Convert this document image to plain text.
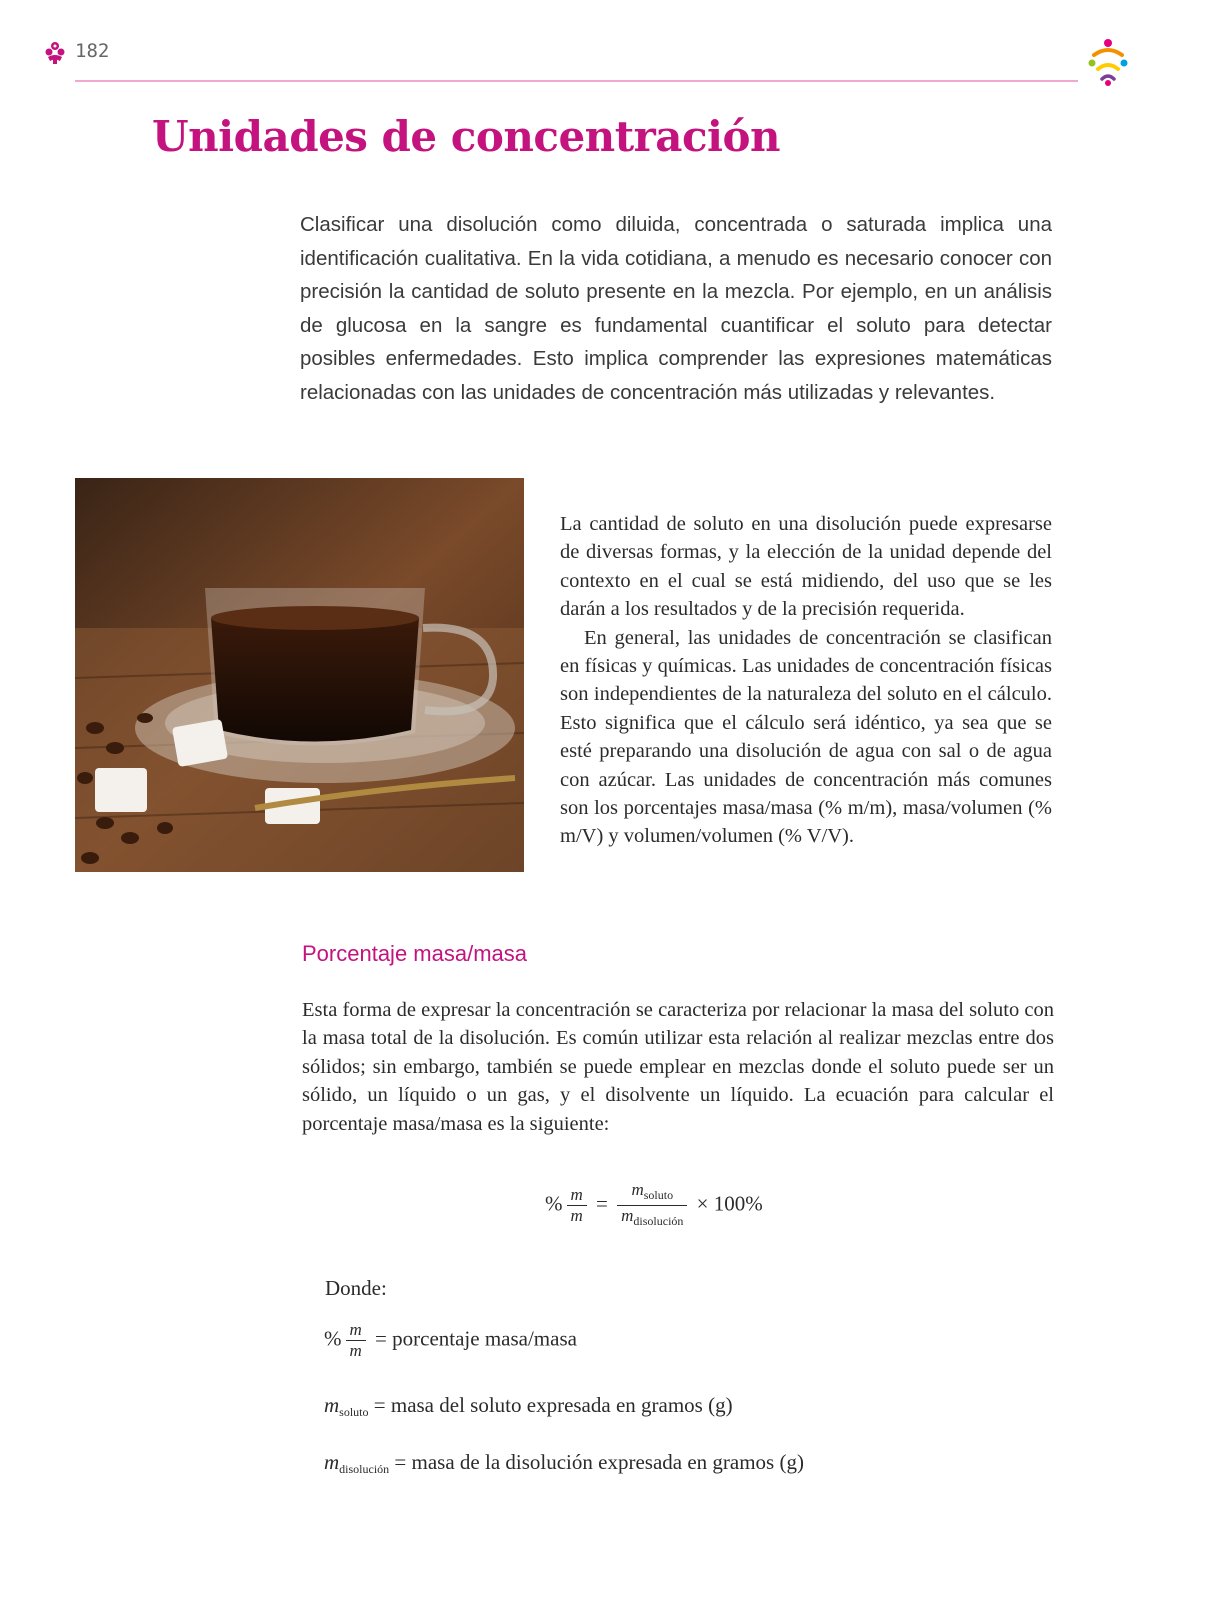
182
Unidades de concentración

Clasificar una disolución como diluida, concentrada o saturada implica una identificación cualitativa. En la vida cotidiana, a menudo es necesario conocer con precisión la cantidad de soluto presente en la mezcla. Por ejemplo, en un análisis de glucosa en la sangre es fundamental cuantificar el soluto para detectar posibles enfermedades. Esto implica comprender las expresiones matemáticas relacionadas con las unidades de concentración más utilizadas y relevantes.

La cantidad de soluto en una disolución puede expresarse de diversas formas, y la elección de la unidad depende del contexto en el cual se está midiendo, del uso que se les darán a los resultados y de la precisión requerida.

En general, las unidades de concentración se clasifican en físicas y químicas. Las unidades de concentración físicas son independientes de la naturaleza del soluto en el cálculo. Esto significa que el cálculo será idéntico, ya sea que se esté preparando una disolución de agua con sal o de agua con azúcar. Las unidades de concentración más comunes son los porcentajes masa/masa (% m/m), masa/volumen (% m/V) y volumen/volumen (% V/V).

Porcentaje masa/masa

Esta forma de expresar la concentración se caracteriza por relacionar la masa del soluto con la masa total de la disolución. Es común utilizar esta relación al realizar mezclas entre dos sólidos; sin embargo, también se puede emplear en mezclas donde el soluto puede ser un sólido, un líquido o un gas, y el disolvente un líquido. La ecuación para calcular el porcentaje masa/masa es la siguiente:

% $\frac{m}{m} = \frac{m_{soluto}}{m_{disolución}} \times 100\%$
Donde:
% $\frac{m}{m}$ = porcentaje masa/masa
$m_{soluto}$ = masa del soluto expresada en gramos (g)
$m_{disolución}$ = masa de la disolución expresada en gramos (g)
